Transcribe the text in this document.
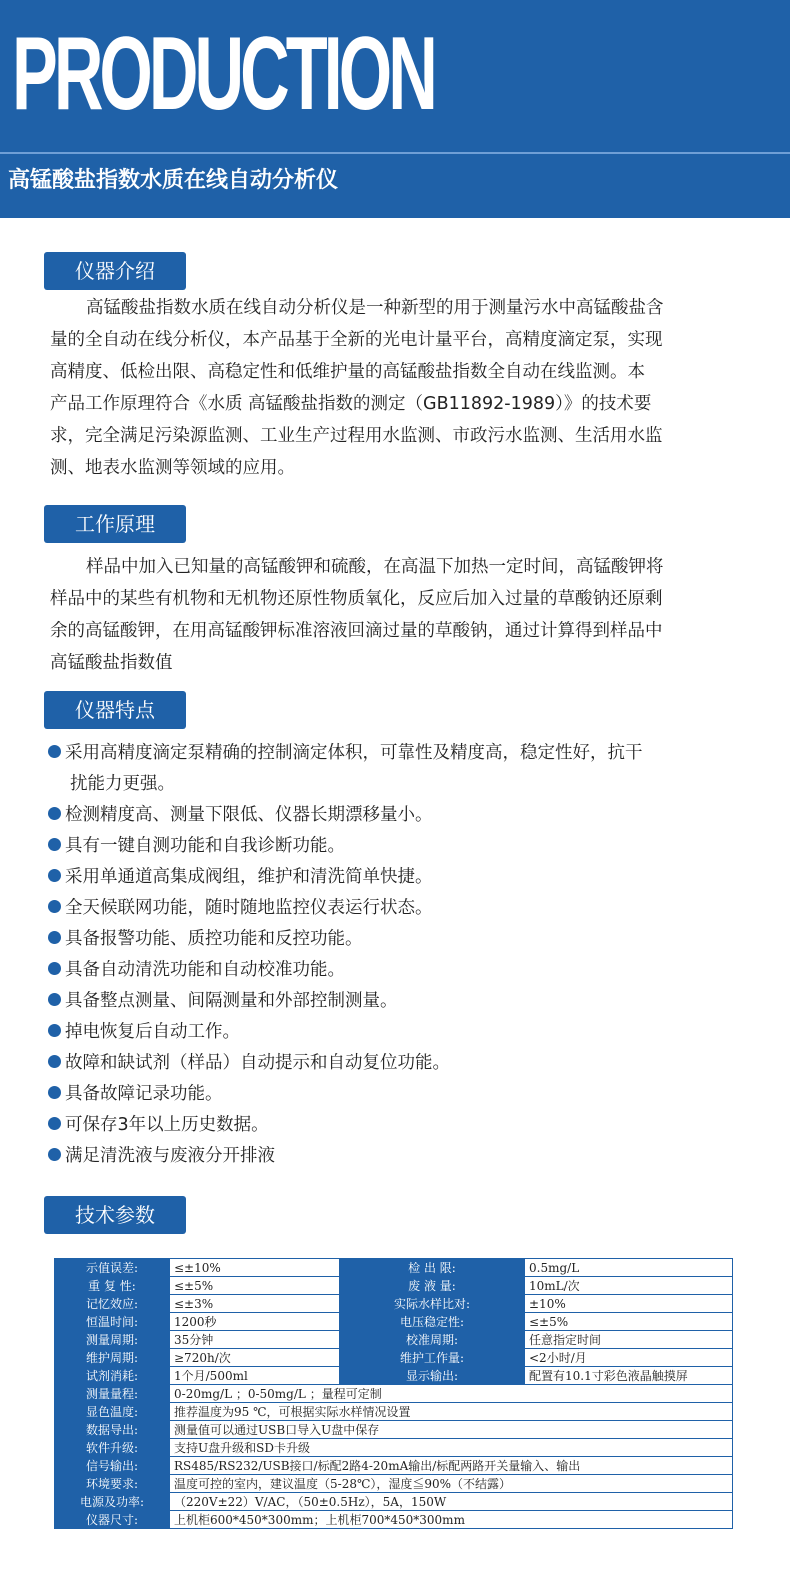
PRODUCTION
高锰酸盐指数水质在线自动分析仪
仪器介绍
高锰酸盐指数水质在线自动分析仪是一种新型的用于测量污水中高锰酸盐含
量的全自动在线分析仪，本产品基于全新的光电计量平台，高精度滴定泵，实现
高精度、低检出限、高稳定性和低维护量的高锰酸盐指数全自动在线监测。本
产品工作原理符合《水质 高锰酸盐指数的测定（GB11892-1989）》的技术要
求，完全满足污染源监测、工业生产过程用水监测、市政污水监测、生活用水监
测、地表水监测等领域的应用。
工作原理
样品中加入已知量的高锰酸钾和硫酸，在高温下加热一定时间，高锰酸钾将
样品中的某些有机物和无机物还原性物质氧化，反应后加入过量的草酸钠还原剩
余的高锰酸钾，在用高锰酸钾标准溶液回滴过量的草酸钠，通过计算得到样品中
高锰酸盐指数值
仪器特点
采用高精度滴定泵精确的控制滴定体积，可靠性及精度高，稳定性好，抗干
扰能力更强。
检测精度高、测量下限低、仪器长期漂移量小。
具有一键自测功能和自我诊断功能。
采用单通道高集成阀组，维护和清洗简单快捷。
全天候联网功能，随时随地监控仪表运行状态。
具备报警功能、质控功能和反控功能。
具备自动清洗功能和自动校准功能。
具备整点测量、间隔测量和外部控制测量。
掉电恢复后自动工作。
故障和缺试剂（样品）自动提示和自动复位功能。
具备故障记录功能。
可保存3年以上历史数据。
满足清洗液与废液分开排液
技术参数
示值误差:	≤±10%	检 出 限:	0.5mg/L
重 复 性:	≤±5%	废 液 量:	10mL/次
记忆效应:	≤±3%	实际水样比对:	±10%
恒温时间:	1200秒	电压稳定性:	≤±5%
测量周期:	35分钟	校准周期:	任意指定时间
维护周期:	≥720h/次	维护工作量:	<2小时/月
试剂消耗:	1个月/500ml	显示输出:	配置有10.1寸彩色液晶触摸屏
测量量程:	0-20mg/L ；0-50mg/L ；量程可定制		
显色温度:	推荐温度为95 ℃，可根据实际水样情况设置		
数据导出:	测量值可以通过USB口导入U盘中保存		
软件升级:	支持U盘升级和SD卡升级		
信号输出:	RS485/RS232/USB接口/标配2路4-20mA输出/标配两路开关量输入、输出		
环境要求:	温度可控的室内，建议温度（5-28℃），湿度≦90%（不结露）		
电源及功率:	（220V±22）V/AC，（50±0.5Hz），5A，150W		
仪器尺寸:	上机柜600*450*300mm；上机柜700*450*300mm		
